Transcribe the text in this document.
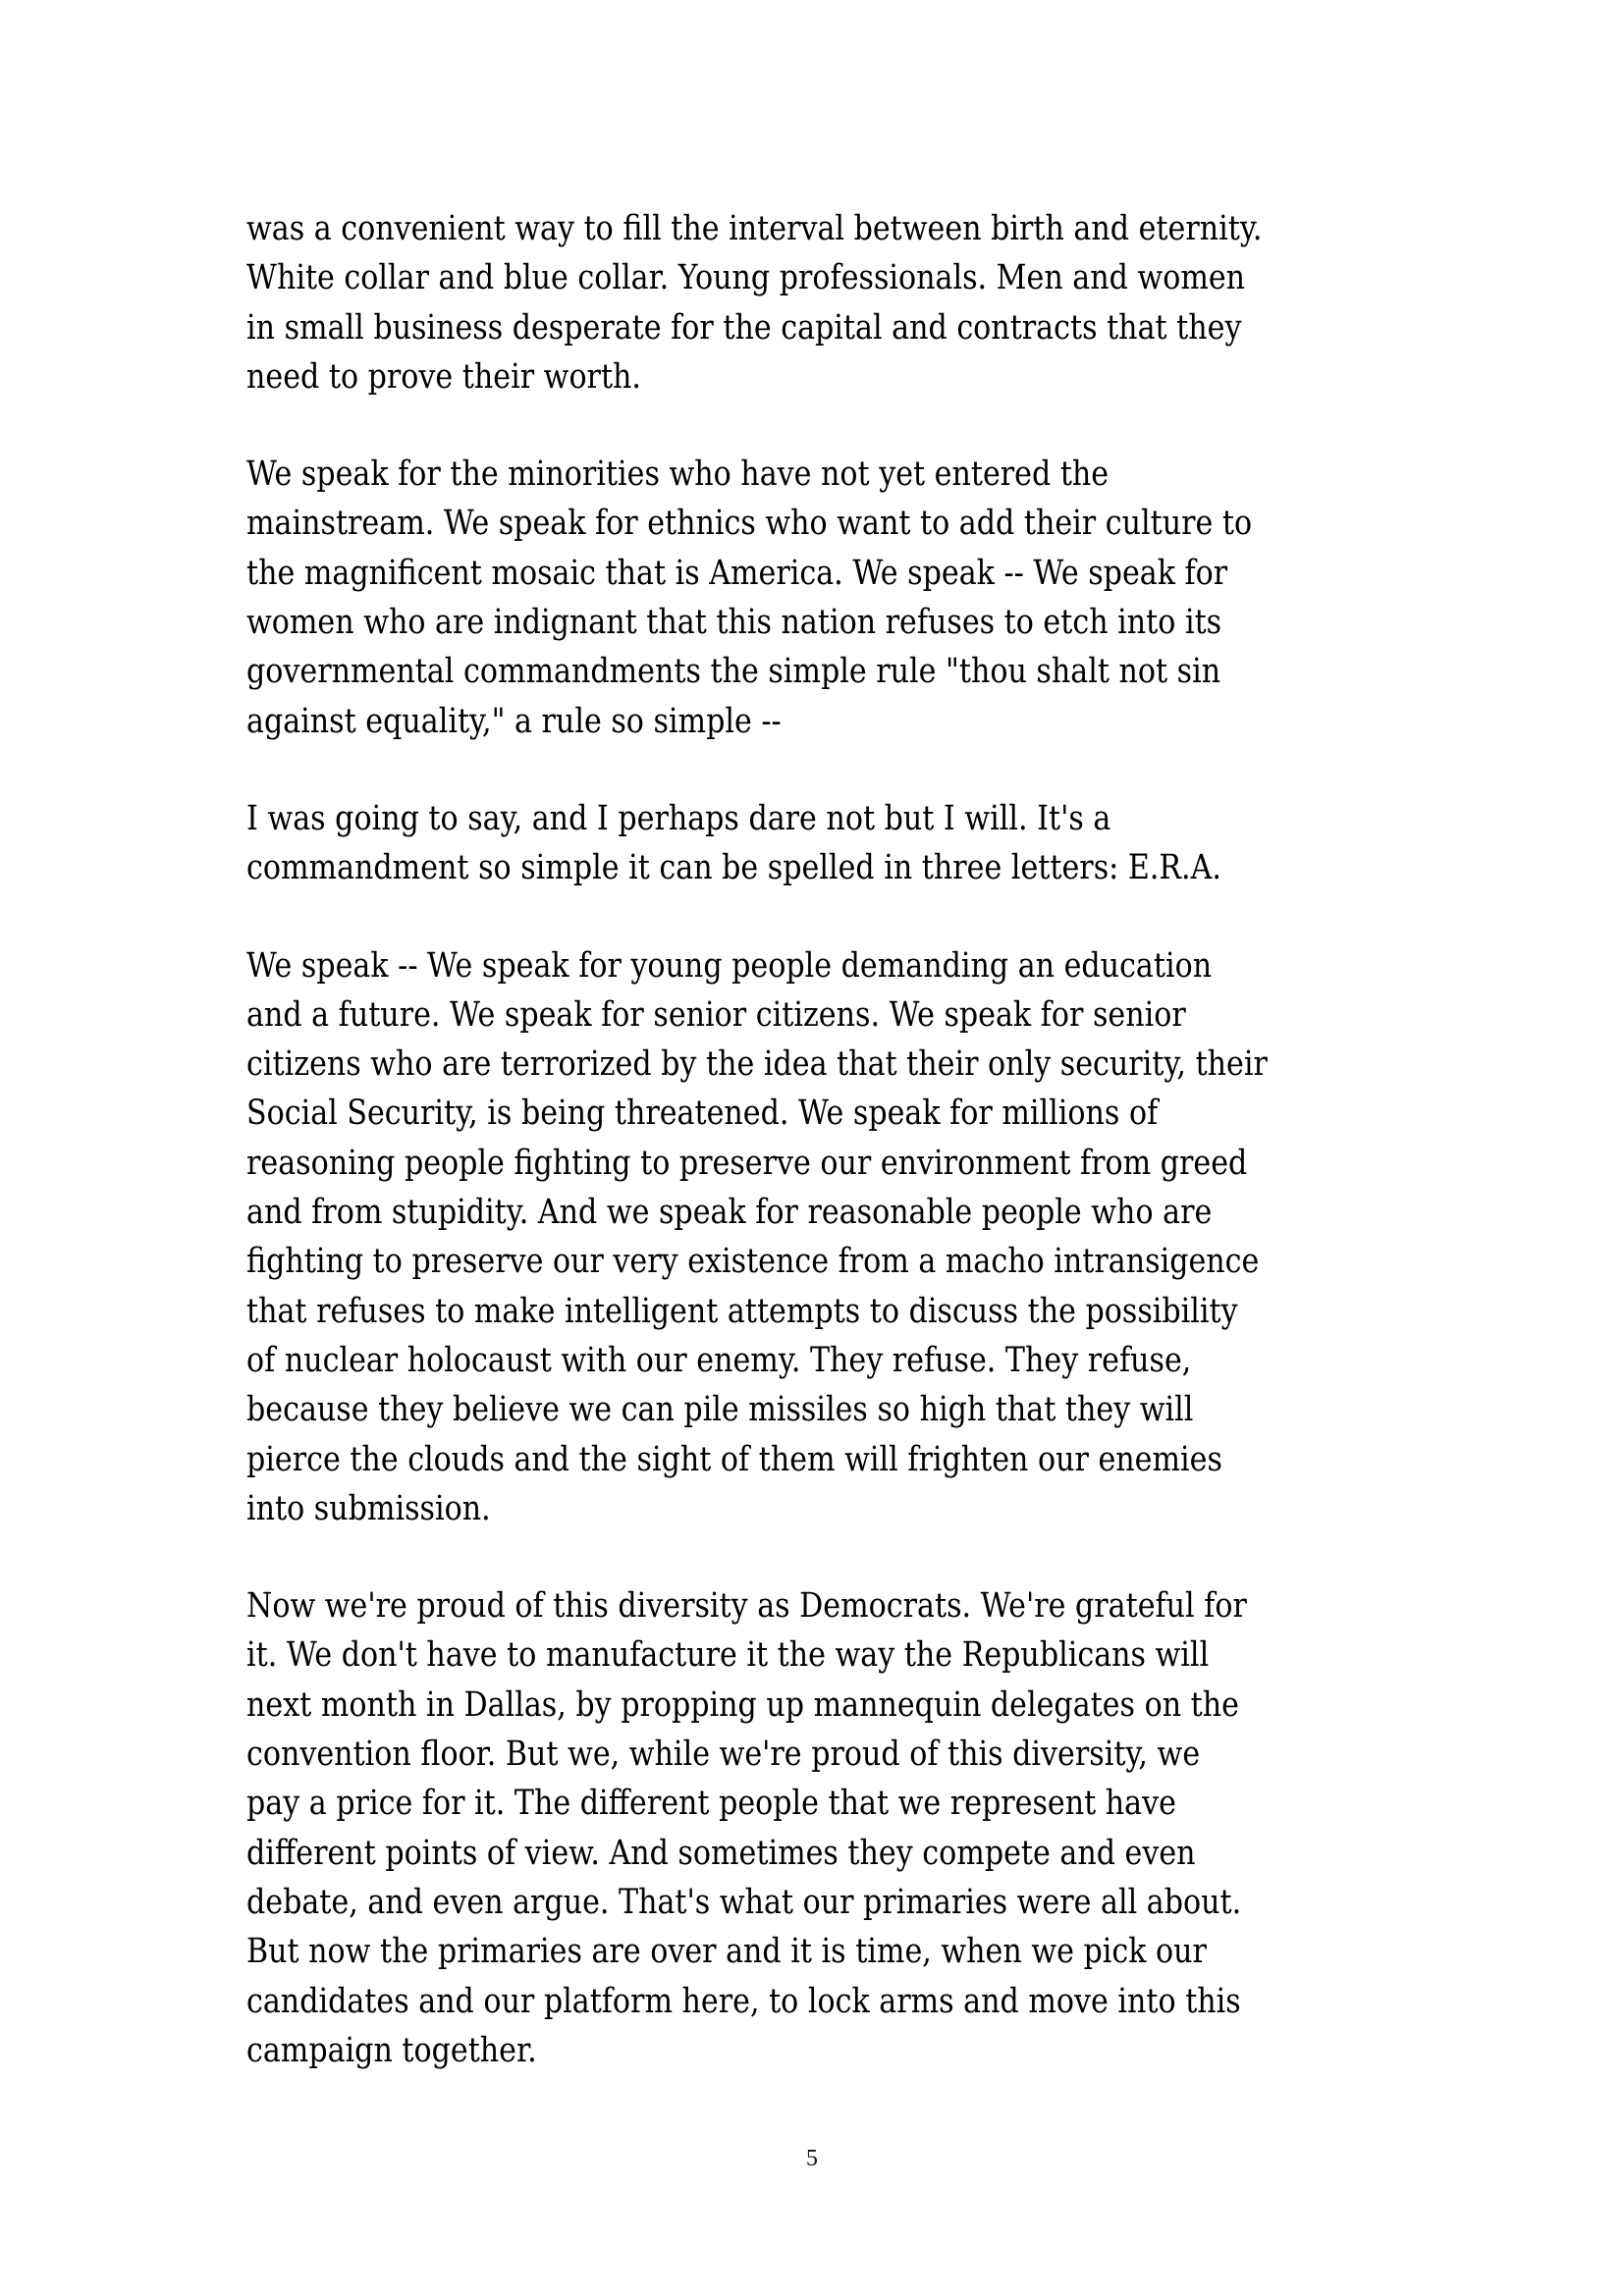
was a convenient way to fill the interval between birth and eternity.
White collar and blue collar. Young professionals. Men and women
in small business desperate for the capital and contracts that they
need to prove their worth.
We speak for the minorities who have not yet entered the
mainstream. We speak for ethnics who want to add their culture to
the magnificent mosaic that is America. We speak -- We speak for
women who are indignant that this nation refuses to etch into its
governmental commandments the simple rule "thou shalt not sin
against equality," a rule so simple --
I was going to say, and I perhaps dare not but I will. It's a
commandment so simple it can be spelled in three letters: E.R.A.
We speak -- We speak for young people demanding an education
and a future. We speak for senior citizens. We speak for senior
citizens who are terrorized by the idea that their only security, their
Social Security, is being threatened. We speak for millions of
reasoning people fighting to preserve our environment from greed
and from stupidity. And we speak for reasonable people who are
fighting to preserve our very existence from a macho intransigence
that refuses to make intelligent attempts to discuss the possibility
of nuclear holocaust with our enemy. They refuse. They refuse,
because they believe we can pile missiles so high that they will
pierce the clouds and the sight of them will frighten our enemies
into submission.
Now we're proud of this diversity as Democrats. We're grateful for
it. We don't have to manufacture it the way the Republicans will
next month in Dallas, by propping up mannequin delegates on the
convention floor. But we, while we're proud of this diversity, we
pay a price for it. The different people that we represent have
different points of view. And sometimes they compete and even
debate, and even argue. That's what our primaries were all about.
But now the primaries are over and it is time, when we pick our
candidates and our platform here, to lock arms and move into this
campaign together.
5
